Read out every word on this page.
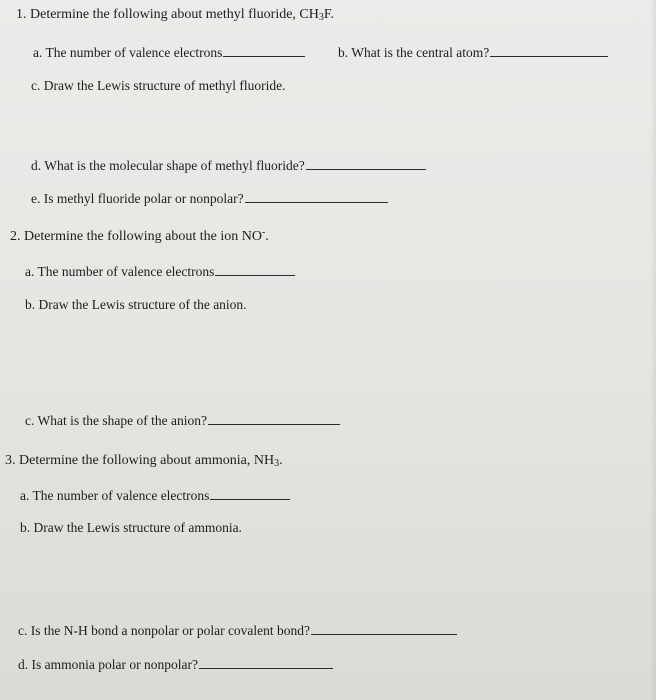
1. Determine the following about methyl fluoride, $CH_3F$.
a. The number of valence electrons	b. What is the central atom?
c. Draw the Lewis structure of methyl fluoride.
d. What is the molecular shape of methyl fluoride?
e. Is methyl fluoride polar or nonpolar?
2. Determine the following about the ion NO-.
a. The number of valence electrons
b. Draw the Lewis structure of the anion.
c. What is the shape of the anion?
3. Determine the following about ammonia, $NH_3$.
a. The number of valence electrons
b. Draw the Lewis structure of ammonia.
c. Is the N-H bond a nonpolar or polar covalent bond?
d. Is ammonia polar or nonpolar?
